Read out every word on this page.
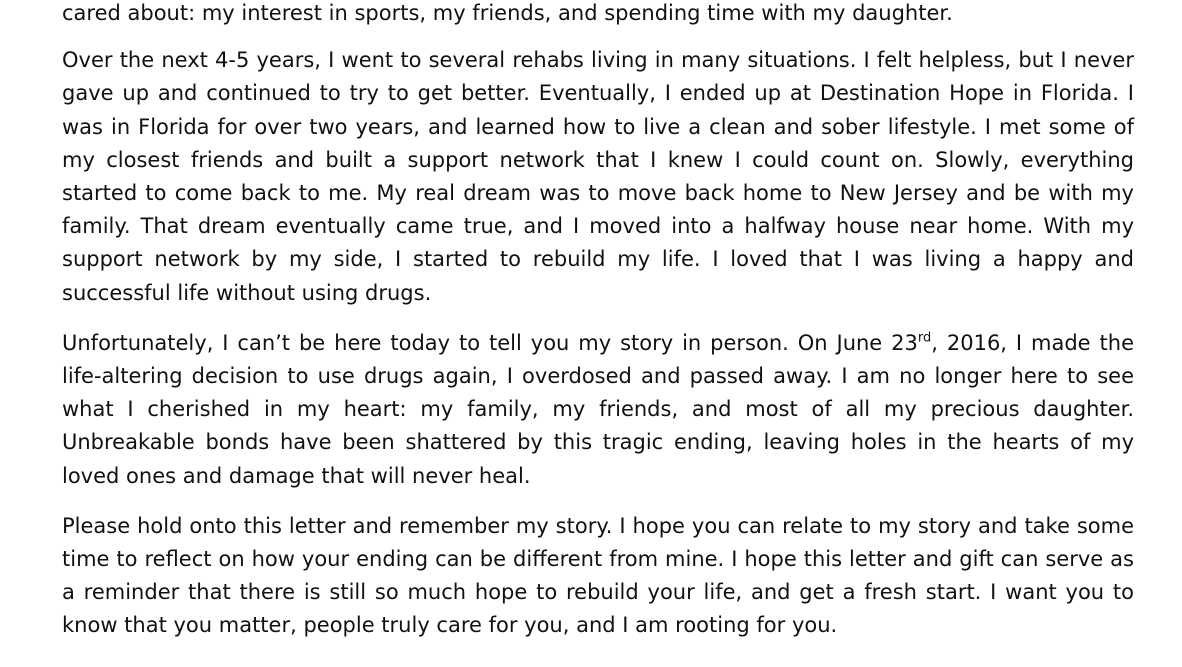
cared about: my interest in sports, my friends, and spending time with my daughter.

Over the next 4-5 years, I went to several rehabs living in many situations. I felt helpless, but I never gave up and continued to try to get better. Eventually, I ended up at Destination Hope in Florida. I was in Florida for over two years, and learned how to live a clean and sober lifestyle. I met some of my closest friends and built a support network that I knew I could count on. Slowly, everything started to come back to me. My real dream was to move back home to New Jersey and be with my family. That dream eventually came true, and I moved into a halfway house near home. With my support network by my side, I started to rebuild my life. I loved that I was living a happy and successful life without using drugs.

Unfortunately, I can’t be here today to tell you my story in person. On June 23rd, 2016, I made the life-altering decision to use drugs again, I overdosed and passed away. I am no longer here to see what I cherished in my heart: my family, my friends, and most of all my precious daughter. Unbreakable bonds have been shattered by this tragic ending, leaving holes in the hearts of my loved ones and damage that will never heal.

Please hold onto this letter and remember my story. I hope you can relate to my story and take some time to reflect on how your ending can be different from mine. I hope this letter and gift can serve as a reminder that there is still so much hope to rebuild your life, and get a fresh start. I want you to know that you matter, people truly care for you, and I am rooting for you.
